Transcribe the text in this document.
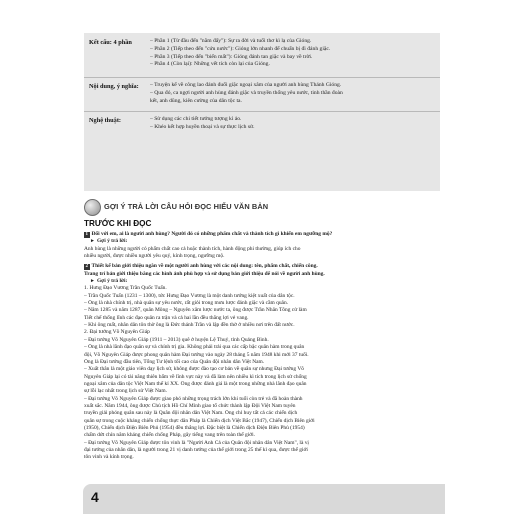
Kết cấu: 4 phần	– Phần 1 (Từ đầu đến "nằm đấy"): Sự ra đời và tuổi thơ kì lạ của Gióng.
– Phần 2 (Tiếp theo đến "cứu nước"): Gióng lớn nhanh để chuẩn bị đi đánh giặc.
– Phần 3 (Tiếp theo đến "biến mất"): Gióng đánh tan giặc và bay về trời.
– Phần 4 (Còn lại): Những vết tích còn lại của Gióng.
Nội dung, ý nghĩa:	– Truyện kể về công lao đánh đuổi giặc ngoại xâm của người anh hùng Thánh Gióng.
– Qua đó, ca ngợi người anh hùng đánh giặc và truyền thống yêu nước, tinh thần đoàn
kết, anh dũng, kiên cường của dân tộc ta.
Nghệ thuật:	– Sử dụng các chi tiết tưởng tượng kì ảo.
– Khéo kết hợp huyền thoại và sự thực lịch sử.
GỢI Ý TRẢ LỜI CÂU HỎI ĐỌC HIỂU VĂN BẢN
TRƯỚC KHI ĐỌC
1 Đối với em, ai là người anh hùng? Người đó có những phẩm chất và thành tích gì khiến em ngưỡng mộ?
► Gợi ý trả lời:
Anh hùng là những người có phẩm chất cao cả hoặc thành tích, hành động phi thường, giúp ích cho
nhiều người, được nhiều người yêu quý, kính trọng, ngưỡng mộ.
2 Thiết kế bản giới thiệu ngắn về một người anh hùng với các nội dung: tên, phẩm chất, chiến công.
Trang trí bản giới thiệu bằng các hình ảnh phù hợp và sử dụng bản giới thiệu để nói về người anh hùng.
► Gợi ý trả lời:
1. Hưng Đạo Vương Trần Quốc Tuấn.
– Trần Quốc Tuấn (1231 – 1300), tức Hưng Đạo Vương là một danh tướng kiệt xuất của dân tộc.
– Ông là nhà chính trị, nhà quân sự yêu nước, rất giỏi trong mưu lược đánh giặc và cầm quân.
– Năm 1285 và năm 1287, quân Mông – Nguyên xâm lược nước ta, ông được Trần Nhân Tông cử làm
Tiết chế thống lĩnh các đạo quân ra trận và cả hai lần đều thắng lợi vẻ vang.
– Khi ông mất, nhân dân tôn thờ ông là Đức thánh Trần và lập đền thờ ở nhiều nơi trên đất nước.
2. Đại tướng Võ Nguyên Giáp
– Đại tướng Võ Nguyên Giáp (1911 – 2013) quê ở huyện Lệ Thuỷ, tỉnh Quảng Bình.
– Ông là nhà lãnh đạo quân sự và chính trị gia. Không phải trải qua các cấp bậc quân hàm trong quân
đội, Võ Nguyên Giáp được phong quân hàm Đại tướng vào ngày 28 tháng 5 năm 1948 khi mới 37 tuổi.
Ông là Đại tướng đầu tiên, Tổng Tư lệnh tối cao của Quân đội nhân dân Việt Nam.
– Xuất thân là một giáo viên dạy lịch sử, không được đào tạo cơ bản về quân sự nhưng Đại tướng Võ
Nguyên Giáp lại có tài năng thiên bẩm về lĩnh vực này và đã làm nên nhiều kì tích trong lịch sử chống
ngoại xâm của dân tộc Việt Nam thế kỉ XX. Ông được đánh giá là một trong những nhà lãnh đạo quân
sự lỗi lạc nhất trong lịch sử Việt Nam.
– Đại tướng Võ Nguyên Giáp được giao phó những trọng trách lớn khi tuổi còn trẻ và đã hoàn thành
xuất sắc. Năm 1944, ông được Chủ tịch Hồ Chí Minh giao tổ chức thành lập Đội Việt Nam tuyên
truyền giải phóng quân sau này là Quân đội nhân dân Việt Nam. Ông chỉ huy tất cả các chiến dịch
quân sự trong cuộc kháng chiến chống thực dân Pháp là Chiến dịch Việt Bắc (1947), Chiến dịch Biên giới
(1950), Chiến dịch Điện Biên Phủ (1954) đều thắng lợi. Đặc biệt là Chiến dịch Điện Biên Phủ (1954)
chấm dứt chín năm kháng chiến chống Pháp, gây tiếng vang trên toàn thế giới.
– Đại tướng Võ Nguyên Giáp được tôn vinh là "Người Anh Cả của Quân đội nhân dân Việt Nam", là vị
đại tướng của nhân dân, là người trong 21 vị danh tướng của thế giới trong 25 thế kỉ qua, được thế giới
tôn vinh và kính trọng.
4
